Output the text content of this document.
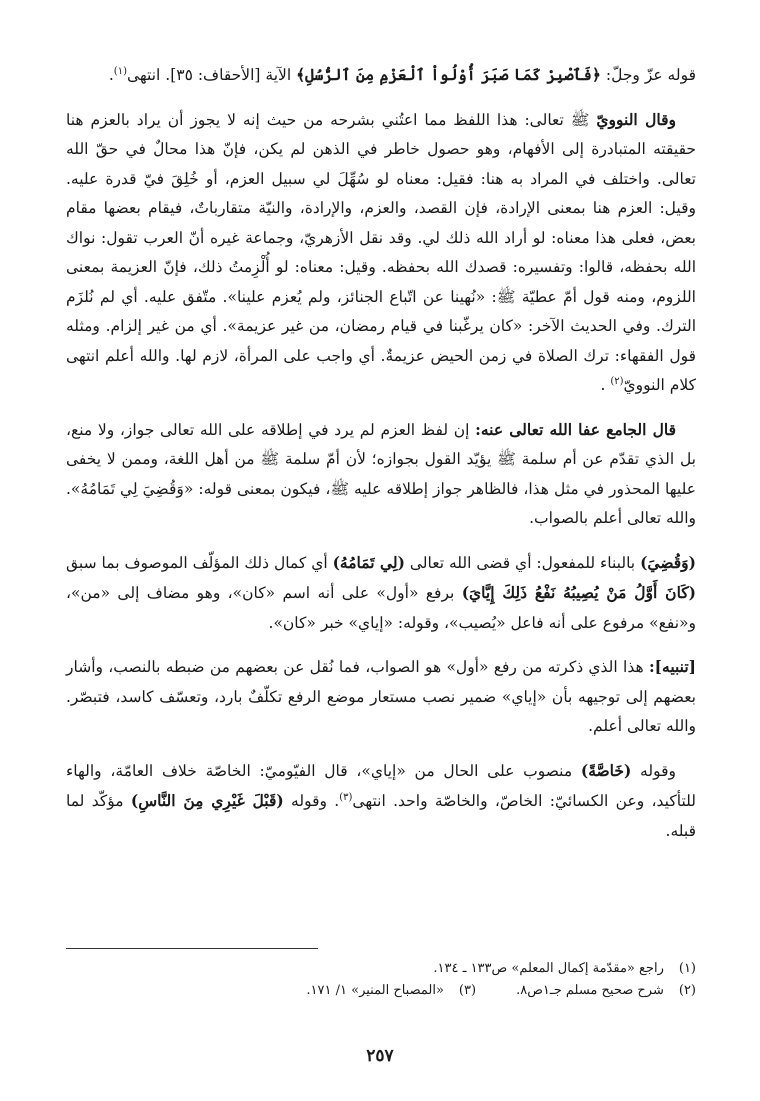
قوله عزّ وجلّ: ﴿فَٱصْبِرْ كَمَا صَبَرَ أُوْلُواْ ٱلْعَزْمِ مِنَ ٱلرُّسُلِ﴾ الآية [الأحقاف: ٣٥]. انتهى$^{(١)}$.

وقال النوويّ ﷺ تعالى: هذا اللفظ مما اعتُني بشرحه من حيث إنه لا يجوز أن يراد بالعزم هنا حقيقته المتبادرة إلى الأفهام، وهو حصول خاطر في الذهن لم يكن، فإنّ هذا محالٌ في حقّ الله تعالى. واختلف في المراد به هنا: فقيل: معناه لو سُهِّلَ لي سبيل العزم، أو خُلِقَ فيّ قدرة عليه. وقيل: العزم هنا بمعنى الإرادة، فإن القصد، والعزم، والإرادة، والنيّة متقارباتٌ، فيقام بعضها مقام بعض، فعلى هذا معناه: لو أراد الله ذلك لي. وقد نقل الأزهريّ، وجماعة غيره أنّ العرب تقول: نواك الله بحفظه، قالوا: وتفسيره: قصدك الله بحفظه. وقيل: معناه: لو أُلْزِمتُ ذلك، فإنّ العزيمة بمعنى اللزوم، ومنه قول أمّ عطيّة ﷺ: «نُهينا عن اتّباع الجنائز، ولم يُعزم علينا». متّفق عليه. أي لم نُلزَم الترك. وفي الحديث الآخر: «كان يرغّبنا في قيام رمضان، من غير عزيمة». أي من غير إلزام. ومثله قول الفقهاء: ترك الصلاة في زمن الحيض عزيمةٌ. أي واجب على المرأة، لازم لها. والله أعلم انتهى كلام النوويّ$^{(٢)}$ .

قال الجامع عفا الله تعالى عنه: إن لفظ العزم لم يرد في إطلاقه على الله تعالى جواز، ولا منع، بل الذي تقدّم عن أم سلمة ﷺ يؤيّد القول بجوازه؛ لأن أمّ سلمة ﷺ من أهل اللغة، وممن لا يخفى عليها المحذور في مثل هذا، فالظاهر جواز إطلاقه عليه ﷺ، فيكون بمعنى قوله: «وَقُضِيَ لِي تَمَامُهُ». والله تعالى أعلم بالصواب.

(وَقُضِيَ) بالبناء للمفعول: أي قضى الله تعالى (لِي تَمَامُهُ) أي كمال ذلك المؤلّف الموصوف بما سبق (كَانَ أَوَّلُ مَنْ يُصِيبُهُ نَفْعُ ذَلِكَ إِيَّايَ) برفع «أول» على أنه اسم «كان»، وهو مضاف إلى «من»، و«نفع» مرفوع على أنه فاعل «يُصيب»، وقوله: «إياي» خبر «كان».

[تنبيه]: هذا الذي ذكرته من رفع «أول» هو الصواب، فما نُقل عن بعضهم من ضبطه بالنصب، وأشار بعضهم إلى توجيهه بأن «إياي» ضمير نصب مستعار موضع الرفع تكلّفٌ بارد، وتعسّف كاسد، فتبصّر. والله تعالى أعلم.

وقوله (خَاصَّةً) منصوب على الحال من «إياي»، قال الفيّوميّ: الخاصّة خلاف العامّة، والهاء للتأكيد، وعن الكسائيّ: الخاصّ، والخاصّة واحد. انتهى$^{(٣)}$. وقوله (قَبْلَ غَيْرِي مِنَ النَّاسِ) مؤكّد لما قبله.

(١) راجع «مقدّمة إكمال المعلم» ص١٣٣ ـ ١٣٤.
(٢) شرح صحيح مسلم جـ١ص٨.
(٣) «المصباح المنير» ١/ ١٧١.
٢٥٧
